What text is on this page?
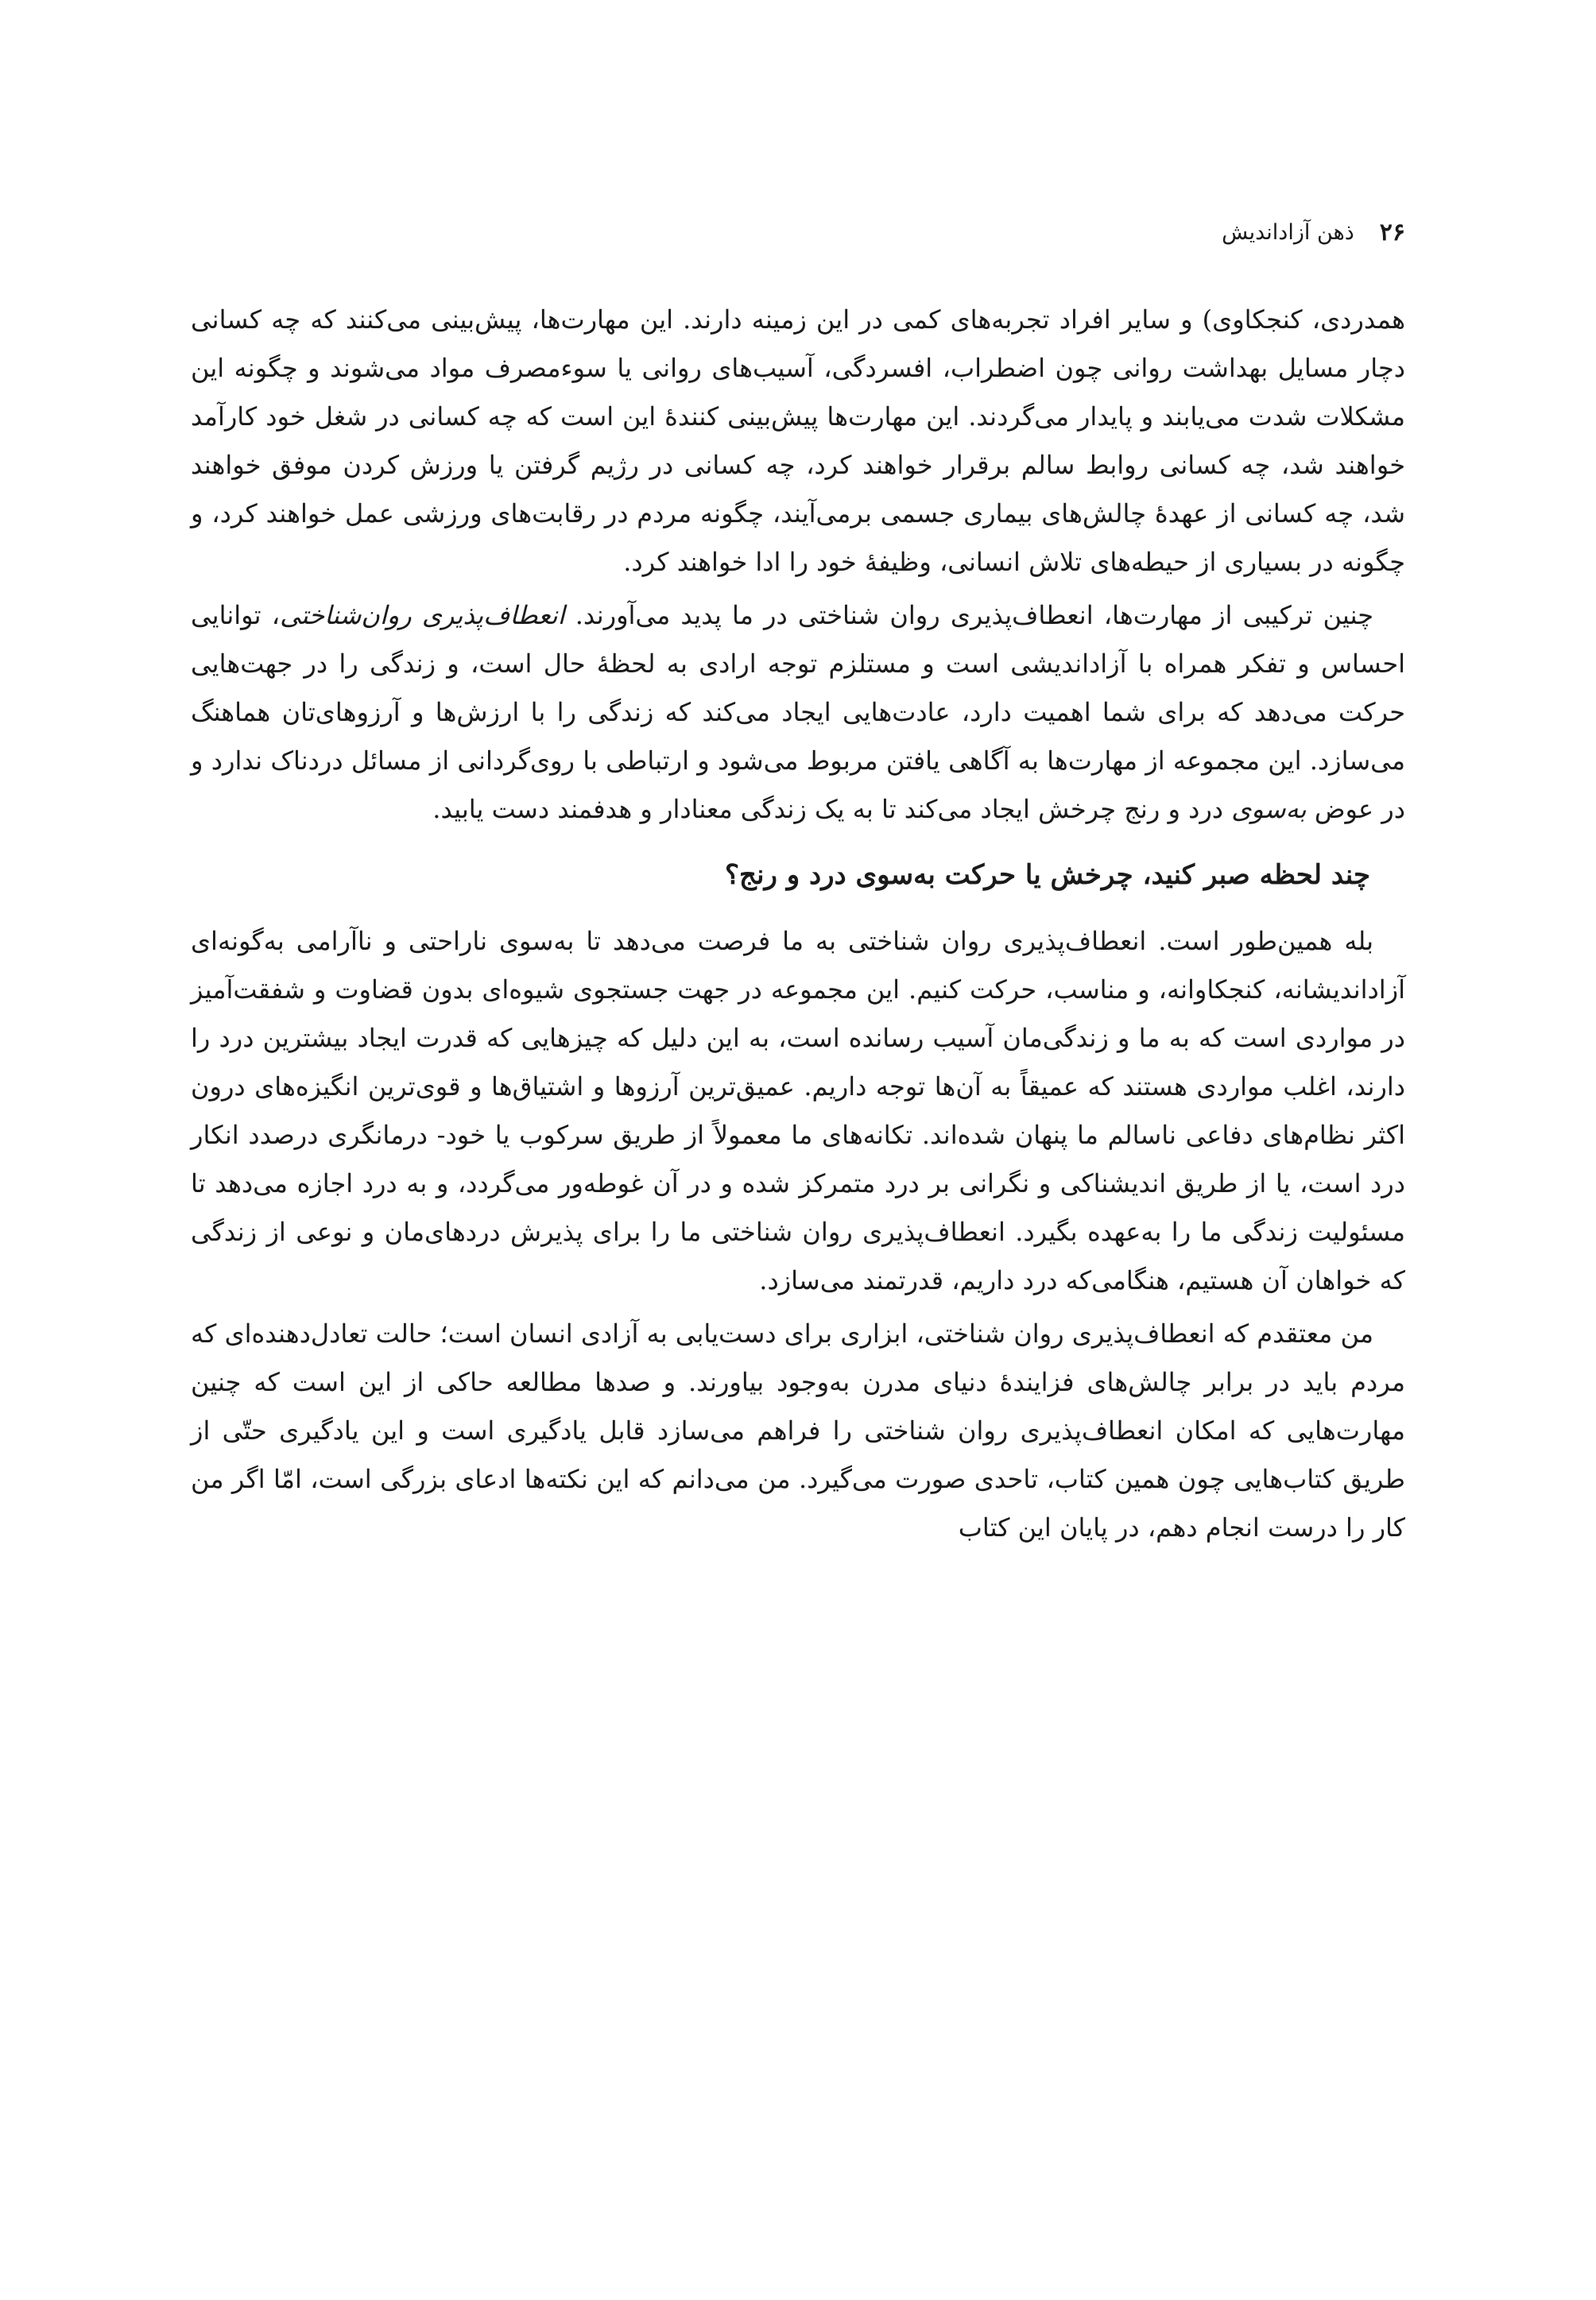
۲۶
ذهن آزاداندیش

همدردی، کنجکاوی) و سایر افراد تجربه‌های کمی در این زمینه دارند. این مهارت‌ها، پیش‌بینی می‌کنند که چه کسانی دچار مسایل بهداشت روانی چون اضطراب، افسردگی، آسیب‌های روانی یا سوءمصرف مواد می‌شوند و چگونه این مشکلات شدت می‌یابند و پایدار می‌گردند. این مهارت‌ها پیش‌بینی کنندهٔ این است که چه کسانی در شغل خود کارآمد خواهند شد، چه کسانی روابط سالم برقرار خواهند کرد، چه کسانی در رژیم گرفتن یا ورزش کردن موفق خواهند شد، چه کسانی از عهدهٔ چالش‌های بیماری جسمی برمی‌آیند، چگونه مردم در رقابت‌های ورزشی عمل خواهند کرد، و چگونه در بسیاری از حیطه‌های تلاش انسانی، وظیفهٔ خود را ادا خواهند کرد.

چنین ترکیبی از مهارت‌ها، انعطاف‌پذیری روان شناختی در ما پدید می‌آورند. انعطاف‌پذیری روان‌شناختی، توانایی احساس و تفکر همراه با آزاداندیشی است و مستلزم توجه ارادی به لحظهٔ حال است، و زندگی را در جهت‌هایی حرکت می‌دهد که برای شما اهمیت دارد، عادت‌هایی ایجاد می‌کند که زندگی را با ارزش‌ها و آرزوهای‌تان هماهنگ می‌سازد. این مجموعه از مهارت‌ها به آگاهی یافتن مربوط می‌شود و ارتباطی با روی‌گردانی از مسائل دردناک ندارد و در عوض به‌سوی درد و رنج چرخش ایجاد می‌کند تا به یک زندگی معنادار و هدفمند دست یابید.

چند لحظه صبر کنید، چرخش یا حرکت به‌سوی درد و رنج؟

بله همین‌طور است. انعطاف‌پذیری روان شناختی به ما فرصت می‌دهد تا به‌سوی ناراحتی و ناآرامی به‌گونه‌ای آزاداندیشانه، کنجکاوانه، و مناسب، حرکت کنیم. این مجموعه در جهت جستجوی شیوه‌ای بدون قضاوت و شفقت‌آمیز در مواردی است که به ما و زندگی‌مان آسیب رسانده است، به این دلیل که چیزهایی که قدرت ایجاد بیشترین درد را دارند، اغلب مواردی هستند که عمیقاً به آن‌ها توجه داریم. عمیق‌ترین آرزوها و اشتیاق‌ها و قوی‌ترین انگیزه‌های درون اکثر نظام‌های دفاعی ناسالم ما پنهان شده‌اند. تکانه‌های ما معمولاً از طریق سرکوب یا خود- درمانگری درصدد انکار درد است، یا از طریق اندیشناکی و نگرانی بر درد متمرکز شده و در آن غوطه‌ور می‌گردد، و به درد اجازه می‌دهد تا مسئولیت زندگی ما را به‌عهده بگیرد. انعطاف‌پذیری روان شناختی ما را برای پذیرش دردهای‌مان و نوعی از زندگی که خواهان آن هستیم، هنگامی‌که درد داریم، قدرتمند می‌سازد.

من معتقدم که انعطاف‌پذیری روان شناختی، ابزاری برای دست‌یابی به آزادی انسان است؛ حالت تعادل‌دهنده‌ای که مردم باید در برابر چالش‌های فزایندهٔ دنیای مدرن به‌وجود بیاورند. و صدها مطالعه حاکی از این است که چنین مهارت‌هایی که امکان انعطاف‌پذیری روان شناختی را فراهم می‌سازد قابل یادگیری است و این یادگیری حتّی از طریق کتاب‌هایی چون همین کتاب، تاحدی صورت می‌گیرد. من می‌دانم که این نکته‌ها ادعای بزرگی است، امّا اگر من کار را درست انجام دهم، در پایان این کتاب
